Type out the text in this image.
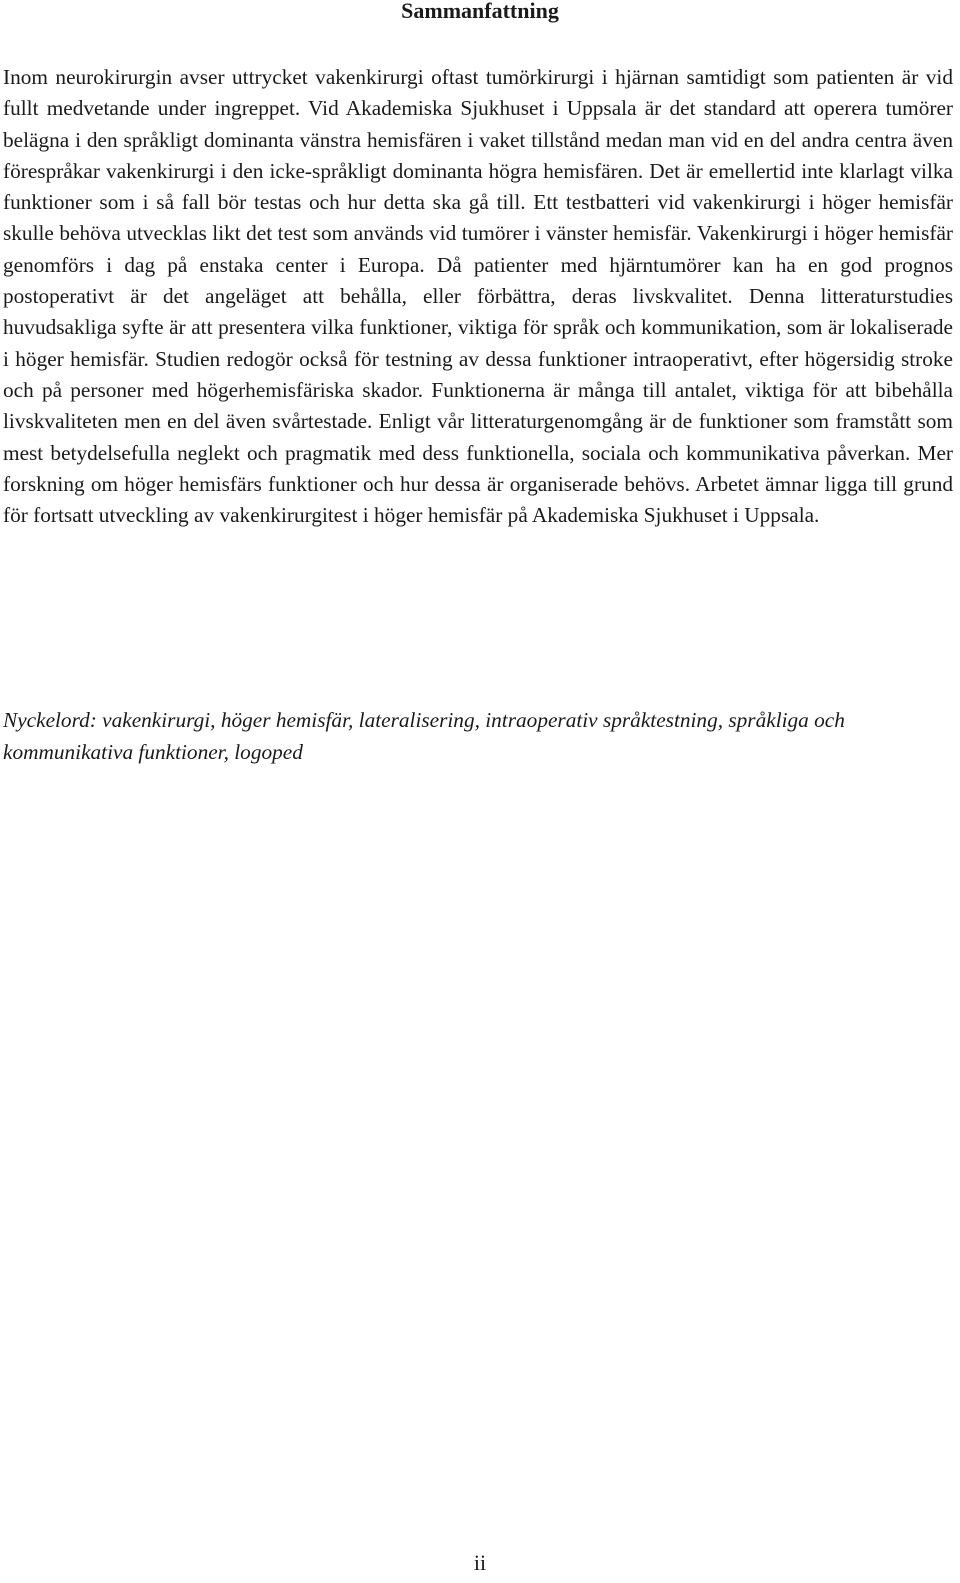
Sammanfattning

Inom neurokirurgin avser uttrycket vakenkirurgi oftast tumörkirurgi i hjärnan samtidigt som patienten är vid fullt medvetande under ingreppet. Vid Akademiska Sjukhuset i Uppsala är det standard att operera tumörer belägna i den språkligt dominanta vänstra hemisfären i vaket tillstånd medan man vid en del andra centra även förespråkar vakenkirurgi i den icke-språkligt dominanta högra hemisfären. Det är emellertid inte klarlagt vilka funktioner som i så fall bör testas och hur detta ska gå till. Ett testbatteri vid vakenkirurgi i höger hemisfär skulle behöva utvecklas likt det test som används vid tumörer i vänster hemisfär. Vakenkirurgi i höger hemisfär genomförs i dag på enstaka center i Europa. Då patienter med hjärntumörer kan ha en god prognos postoperativt är det angeläget att behålla, eller förbättra, deras livskvalitet. Denna litteraturstudies huvudsakliga syfte är att presentera vilka funktioner, viktiga för språk och kommunikation, som är lokaliserade i höger hemisfär. Studien redogör också för testning av dessa funktioner intraoperativt, efter högersidig stroke och på personer med högerhemisfäriska skador. Funktionerna är många till antalet, viktiga för att bibehålla livskvaliteten men en del även svårtestade. Enligt vår litteraturgenomgång är de funktioner som framstått som mest betydelsefulla neglekt och pragmatik med dess funktionella, sociala och kommunikativa påverkan. Mer forskning om höger hemisfärs funktioner och hur dessa är organiserade behövs. Arbetet ämnar ligga till grund för fortsatt utveckling av vakenkirurgitest i höger hemisfär på Akademiska Sjukhuset i Uppsala.

Nyckelord: vakenkirurgi, höger hemisfär, lateralisering, intraoperativ språktestning, språkliga och kommunikativa funktioner, logoped

ii
